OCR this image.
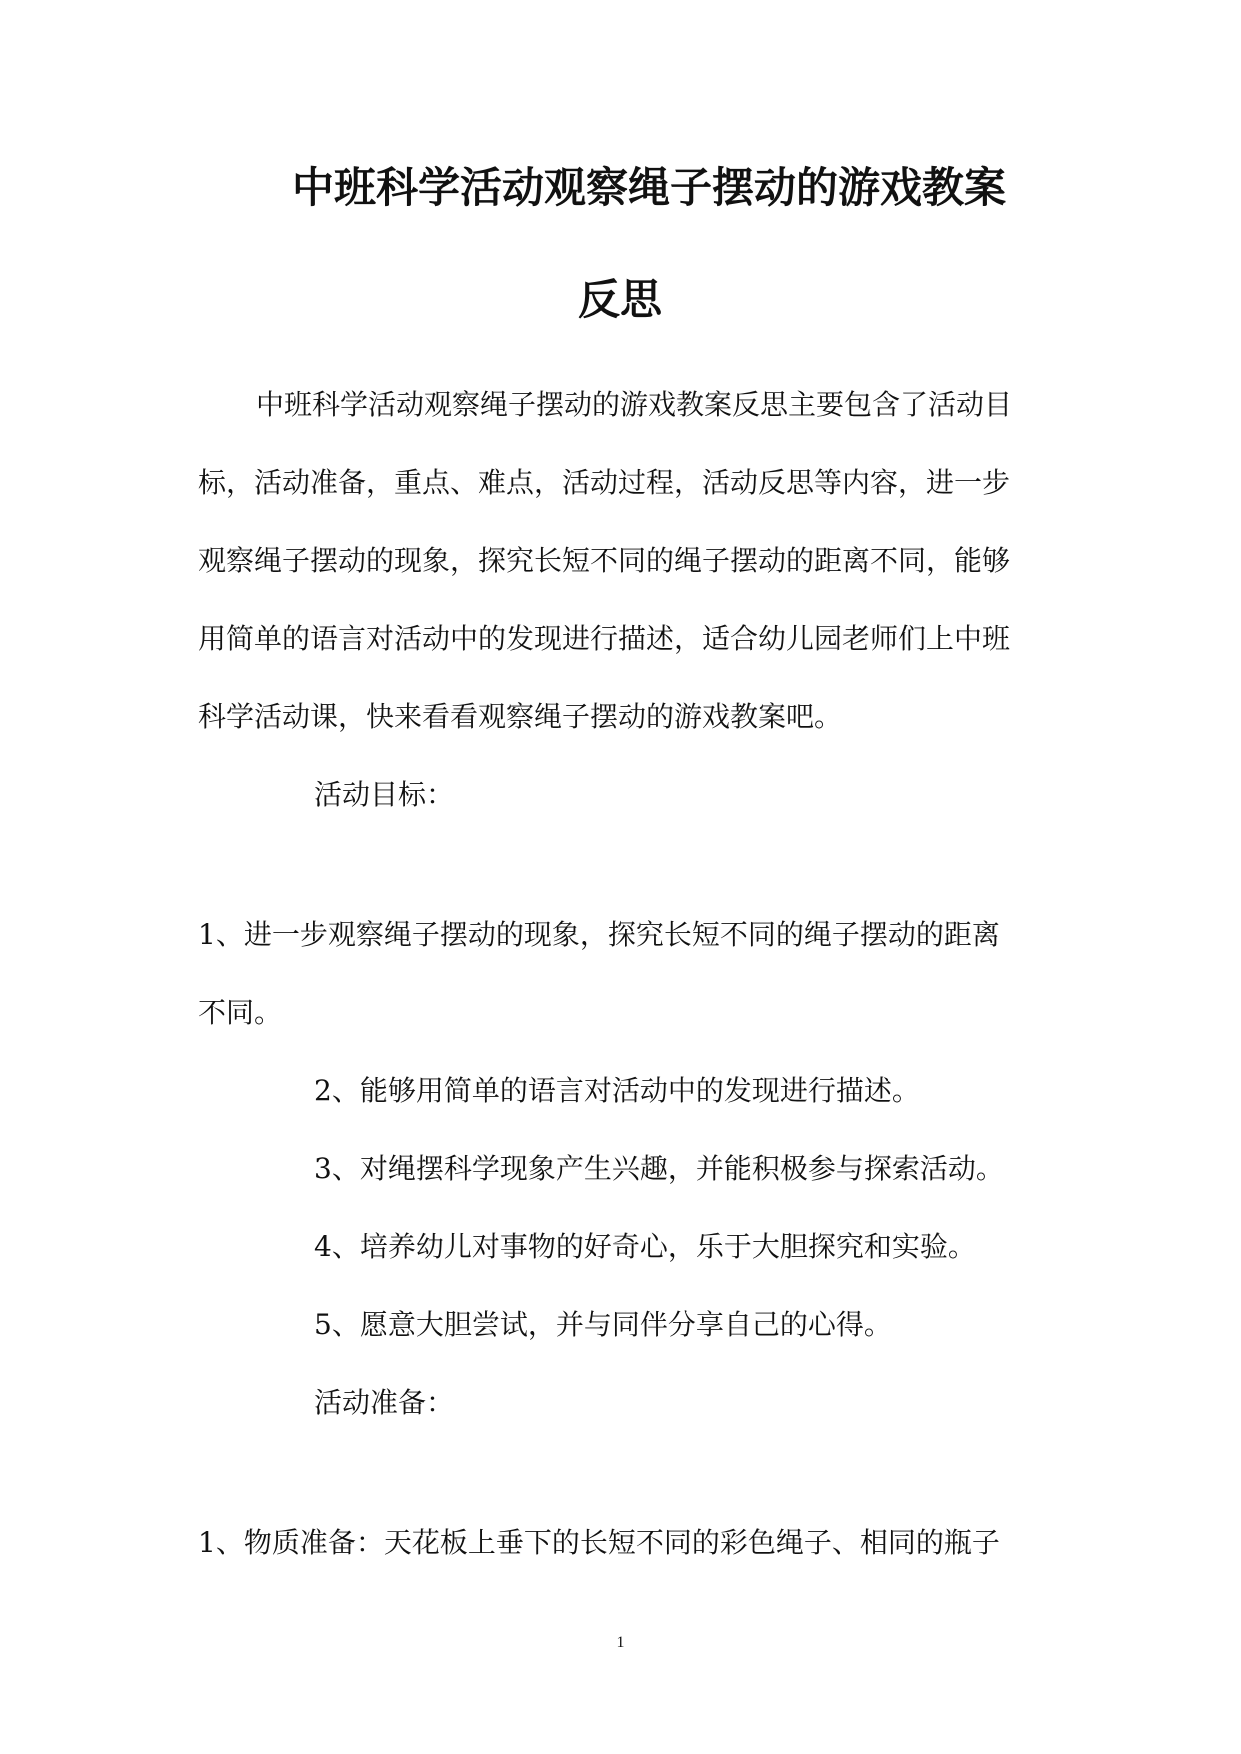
中班科学活动观察绳子摆动的游戏教案
反思

中班科学活动观察绳子摆动的游戏教案反思主要包含了活动目

标，活动准备，重点、难点，活动过程，活动反思等内容，进一步

观察绳子摆动的现象，探究长短不同的绳子摆动的距离不同，能够

用简单的语言对活动中的发现进行描述，适合幼儿园老师们上中班

科学活动课，快来看看观察绳子摆动的游戏教案吧。

活动目标：

1、进一步观察绳子摆动的现象，探究长短不同的绳子摆动的距离

不同。

2、能够用简单的语言对活动中的发现进行描述。

3、对绳摆科学现象产生兴趣，并能积极参与探索活动。

4、培养幼儿对事物的好奇心，乐于大胆探究和实验。

5、愿意大胆尝试，并与同伴分享自己的心得。

活动准备：

1、物质准备：天花板上垂下的长短不同的彩色绳子、相同的瓶子

1
